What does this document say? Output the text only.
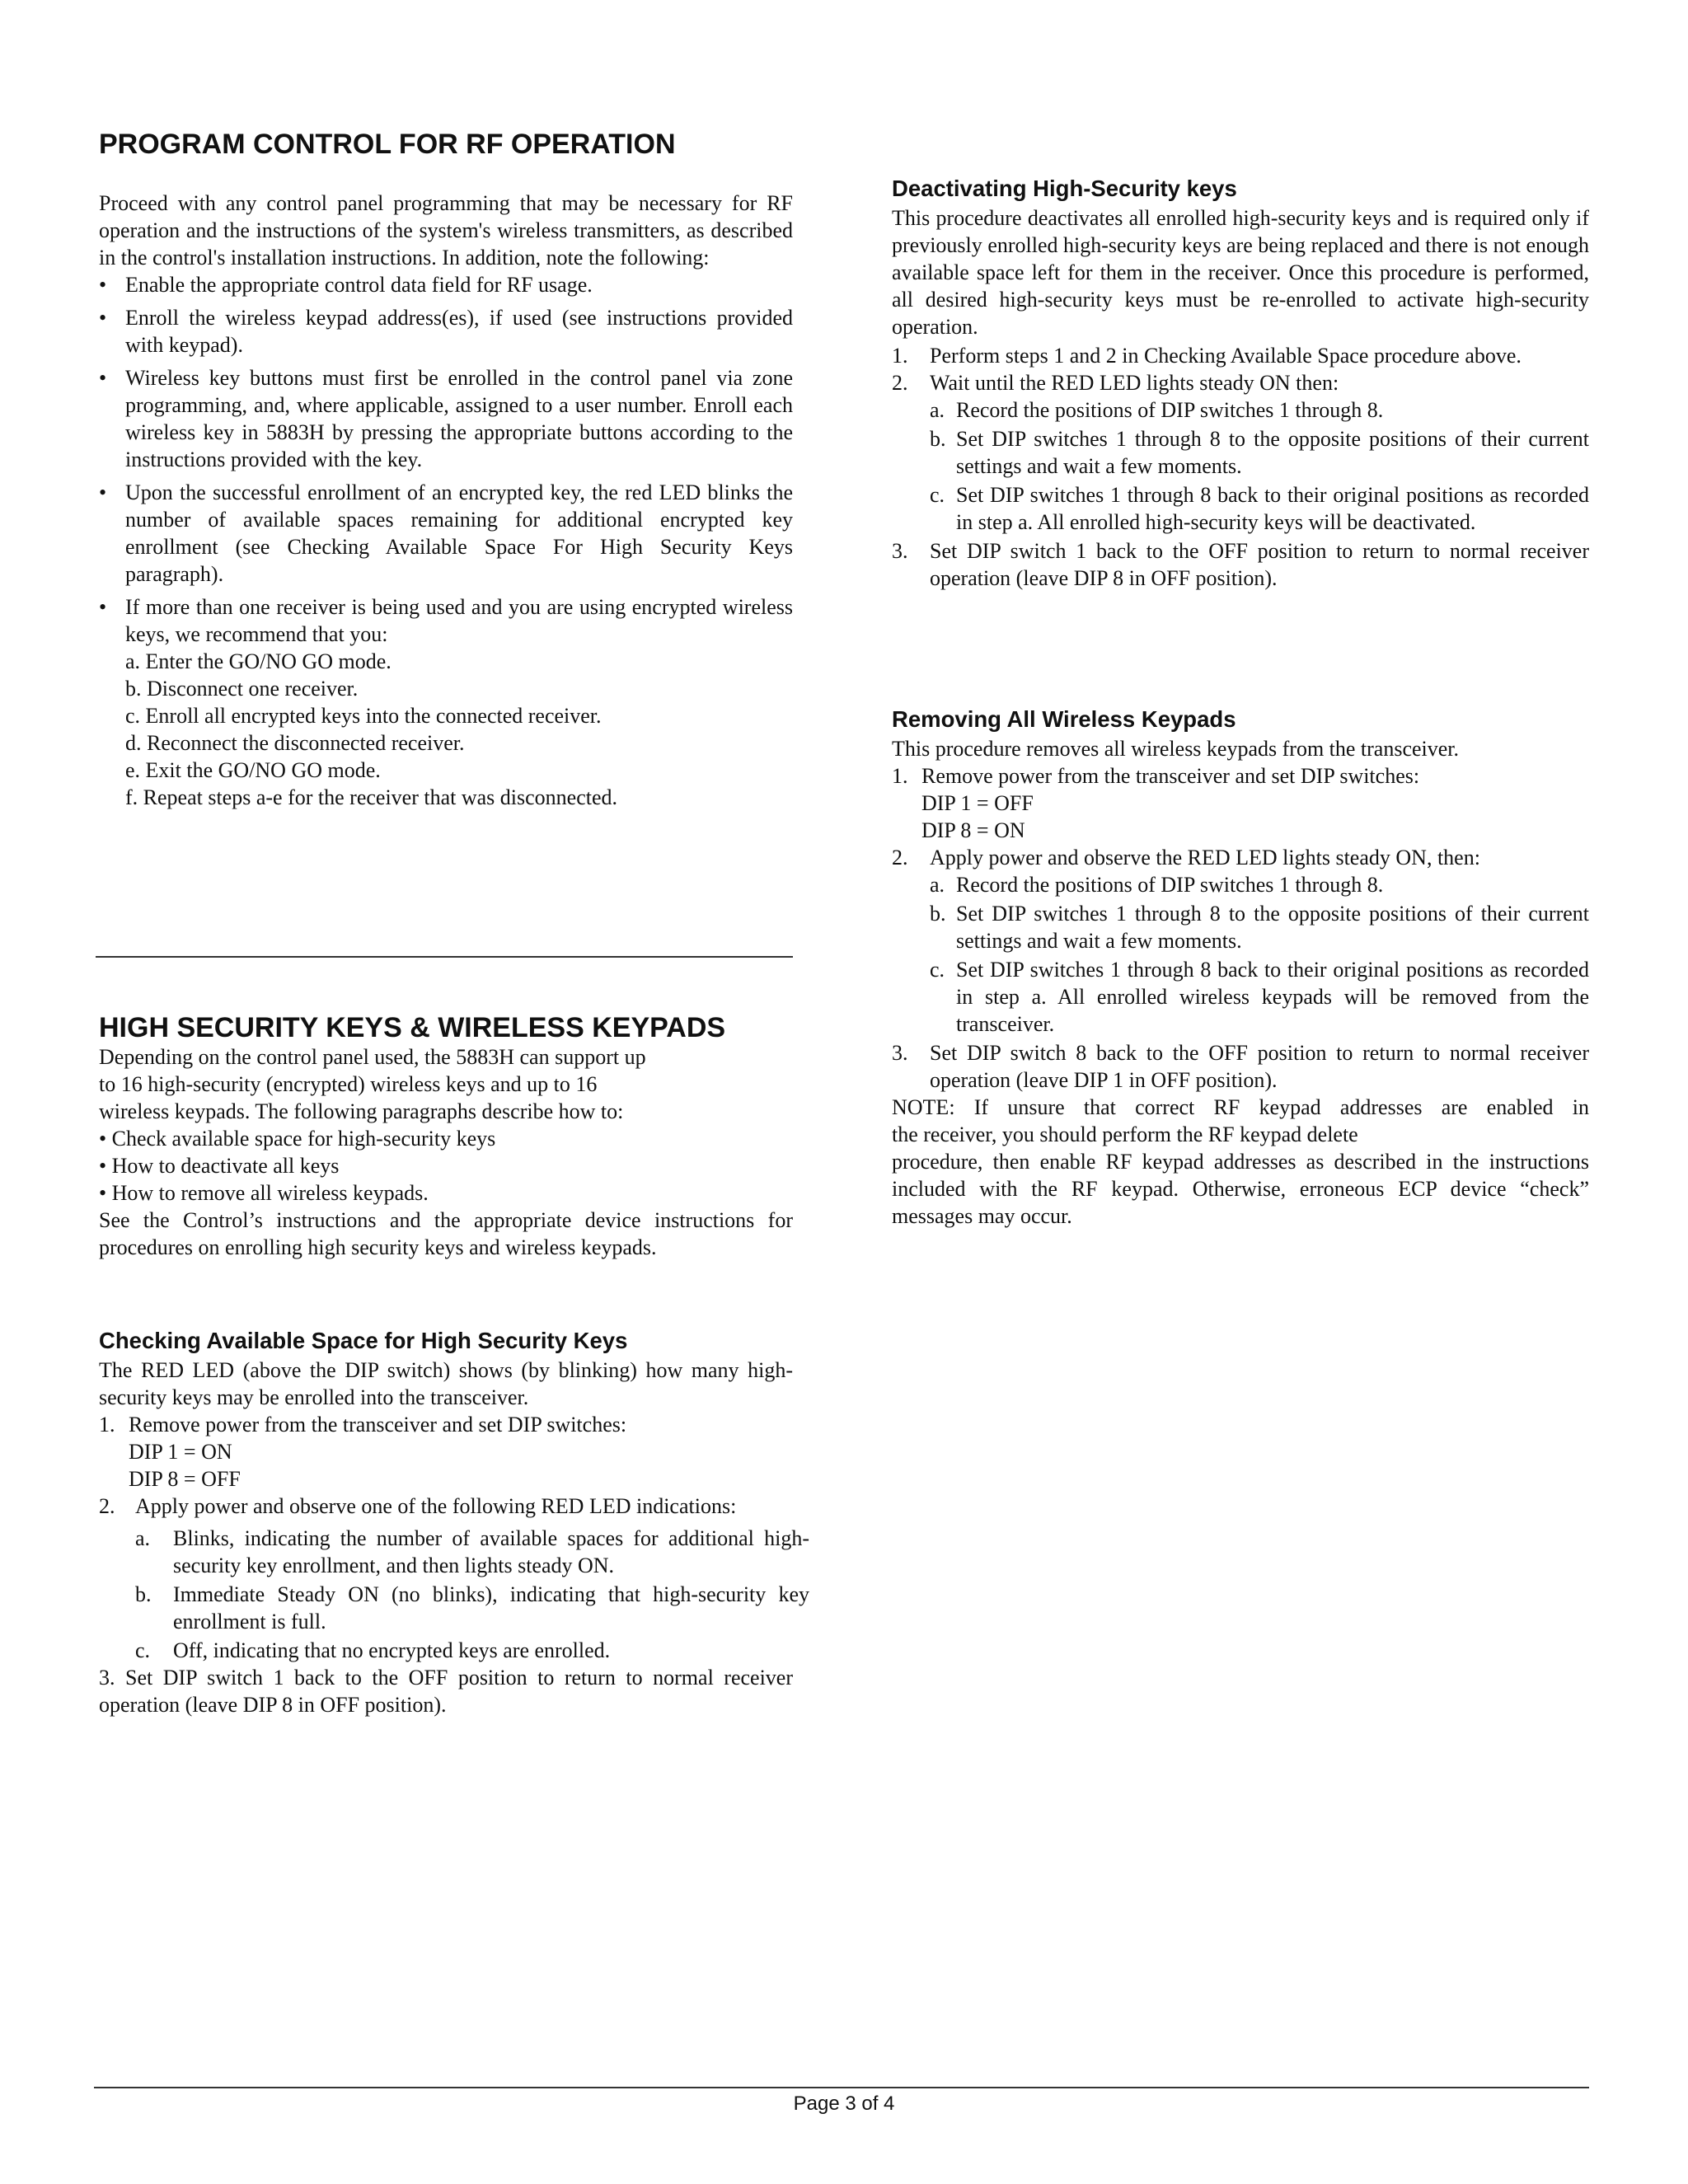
PROGRAM CONTROL FOR RF OPERATION

Proceed with any control panel programming that may be necessary for RF operation and the instructions of the system's wireless transmitters, as described in the control's installation instructions. In addition, note the following:

•
Enable the appropriate control data field for RF usage.
•
Enroll the wireless keypad address(es), if used (see instructions provided with keypad).
•
Wireless key buttons must first be enrolled in the control panel via zone programming, and, where applicable, assigned to a user number. Enroll each wireless key in 5883H by pressing the appropriate buttons according to the instructions provided with the key.
•
Upon the successful enrollment of an encrypted key, the red LED blinks the number of available spaces remaining for additional encrypted key enrollment (see Checking Available Space For High Security Keys paragraph).
•
If more than one receiver is being used and you are using encrypted wireless keys, we recommend that you:

a. Enter the GO/NO GO mode.

b. Disconnect one receiver.

c. Enroll all encrypted keys into the connected receiver.

d. Reconnect the disconnected receiver.

e. Exit the GO/NO GO mode.

f. Repeat steps a-e for the receiver that was disconnected.

HIGH SECURITY KEYS & WIRELESS KEYPADS

Depending on the control panel used, the 5883H can support up

to 16 high-security (encrypted) wireless keys and up to 16

wireless keypads. The following paragraphs describe how to:

• Check available space for high-security keys

• How to deactivate all keys

• How to remove all wireless keypads.

See the Control’s instructions and the appropriate device instructions for procedures on enrolling high security keys and wireless keypads.

Checking Available Space for High Security Keys

The RED LED (above the DIP switch) shows (by blinking) how many high-security keys may be enrolled into the transceiver.

1. Remove power from the transceiver and set DIP switches:

DIP 1 = ON

DIP 8 = OFF

2. Apply power and observe one of the following RED LED indications:
a. Blinks, indicating the number of available spaces for additional high-security key enrollment, and then lights steady ON.
b. Immediate Steady ON (no blinks), indicating that high-security key enrollment is full.
c. Off, indicating that no encrypted keys are enrolled.

3. Set DIP switch 1 back to the OFF position to return to normal receiver operation (leave DIP 8 in OFF position).

Deactivating High-Security keys

This procedure deactivates all enrolled high-security keys and is required only if previously enrolled high-security keys are being replaced and there is not enough available space left for them in the receiver. Once this procedure is performed, all desired high-security keys must be re-enrolled to activate high-security operation.

1. Perform steps 1 and 2 in Checking Available Space procedure above.
2. Wait until the RED LED lights steady ON then:
a. Record the positions of DIP switches 1 through 8.
b. Set DIP switches 1 through 8 to the opposite positions of their current settings and wait a few moments.
c. Set DIP switches 1 through 8 back to their original positions as recorded in step a. All enrolled high-security keys will be deactivated.
3. Set DIP switch 1 back to the OFF position to return to normal receiver operation (leave DIP 8 in OFF position).
Removing All Wireless Keypads

This procedure removes all wireless keypads from the transceiver.

1. Remove power from the transceiver and set DIP switches:

DIP 1 = OFF

DIP 8 = ON

2. Apply power and observe the RED LED lights steady ON, then:
a. Record the positions of DIP switches 1 through 8.
b. Set DIP switches 1 through 8 to the opposite positions of their current settings and wait a few moments.
c. Set DIP switches 1 through 8 back to their original positions as recorded in step a. All enrolled wireless keypads will be removed from the transceiver.
3. Set DIP switch 8 back to the OFF position to return to normal receiver operation (leave DIP 1 in OFF position).

NOTE: If unsure that correct RF keypad addresses are enabled in

the receiver, you should perform the RF keypad delete

procedure, then enable RF keypad addresses as described in the instructions included with the RF keypad. Otherwise, erroneous ECP device “check” messages may occur.

Page 3 of 4
